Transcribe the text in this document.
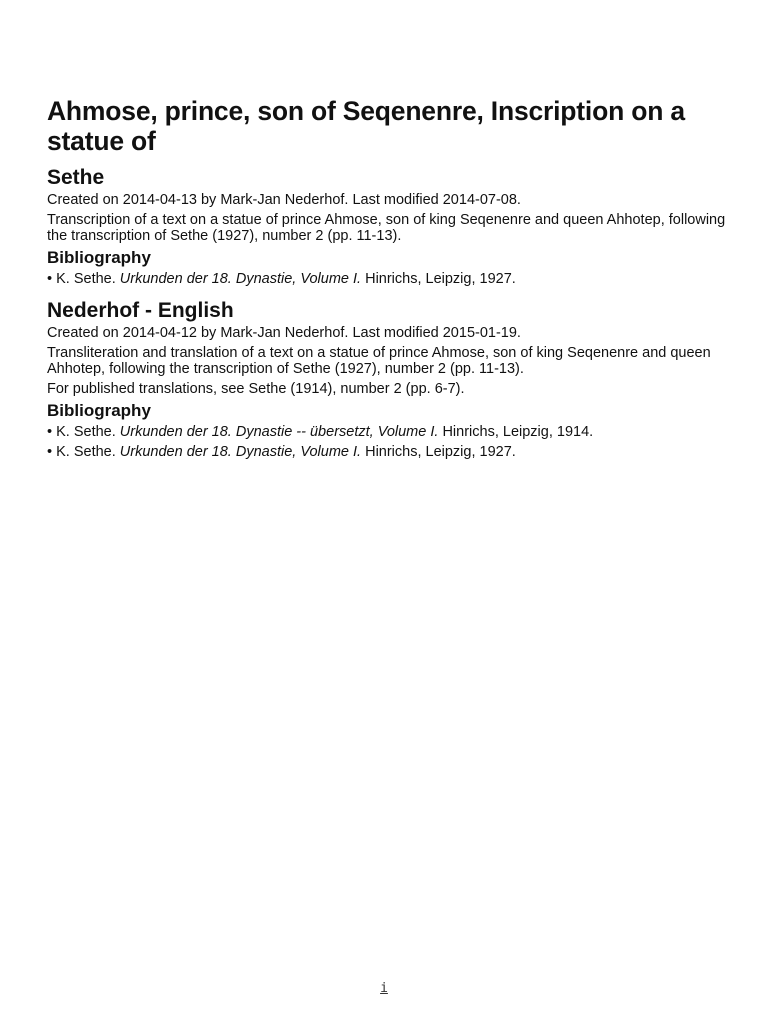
Ahmose, prince, son of Seqenenre, Inscription on a statue of
Sethe

Created on 2014-04-13 by Mark-Jan Nederhof. Last modified 2014-07-08.

Transcription of a text on a statue of prince Ahmose, son of king Seqenenre and queen Ahhotep, following the transcription of Sethe (1927), number 2 (pp. 11-13).

Bibliography
• K. Sethe. Urkunden der 18. Dynastie, Volume I. Hinrichs, Leipzig, 1927.
Nederhof - English

Created on 2014-04-12 by Mark-Jan Nederhof. Last modified 2015-01-19.

Transliteration and translation of a text on a statue of prince Ahmose, son of king Seqenenre and queen Ahhotep, following the transcription of Sethe (1927), number 2 (pp. 11-13).

For published translations, see Sethe (1914), number 2 (pp. 6-7).

Bibliography
• K. Sethe. Urkunden der 18. Dynastie -- übersetzt, Volume I. Hinrichs, Leipzig, 1914.
• K. Sethe. Urkunden der 18. Dynastie, Volume I. Hinrichs, Leipzig, 1927.
i
